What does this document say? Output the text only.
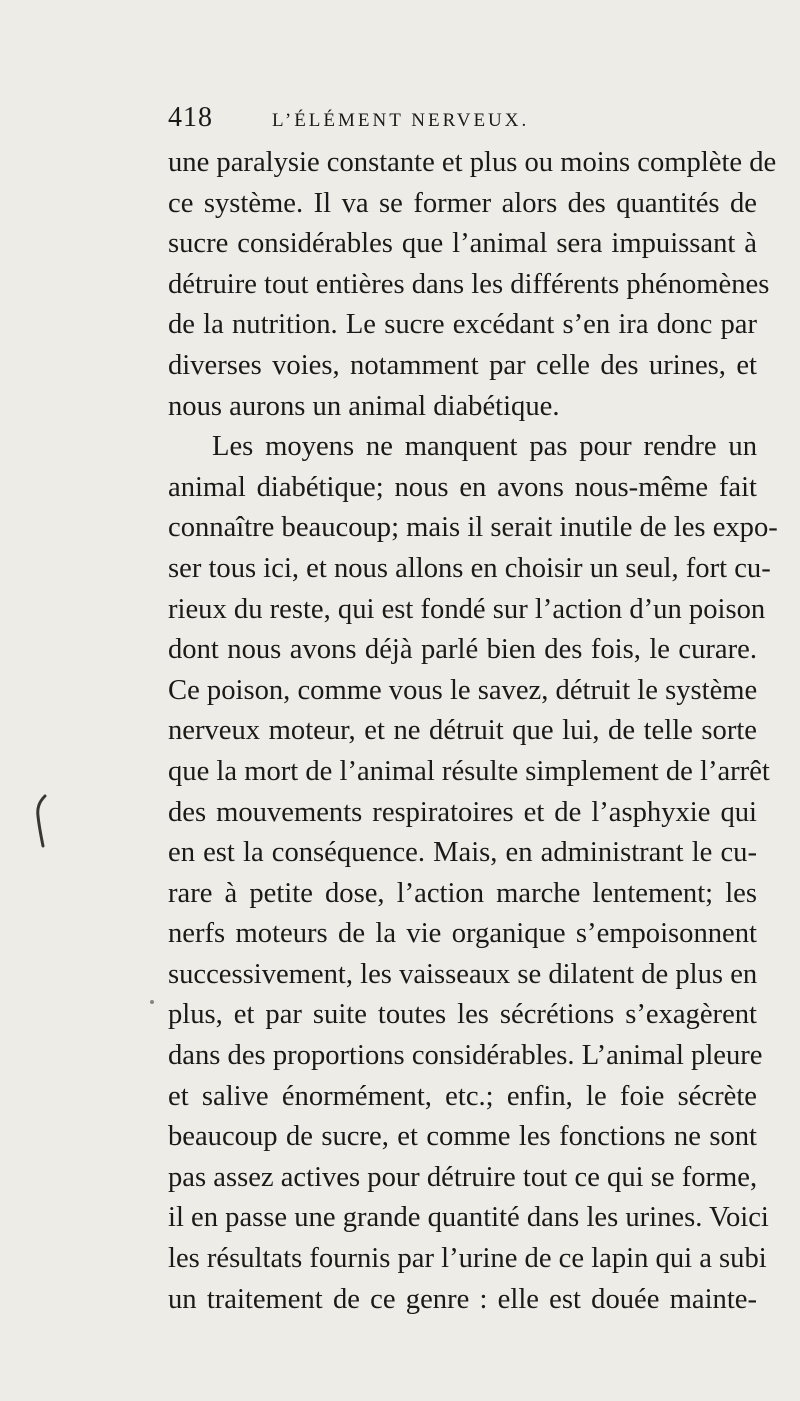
418	L’ÉLÉMENT NERVEUX.
une paralysie constante et plus ou moins complète de
ce système. Il va se former alors des quantités de
sucre considérables que l’animal sera impuissant à
détruire tout entières dans les différents phénomènes
de la nutrition. Le sucre excédant s’en ira donc par
diverses voies, notamment par celle des urines, et
nous aurons un animal diabétique.
Les moyens ne manquent pas pour rendre un
animal diabétique; nous en avons nous-même fait
connaître beaucoup; mais il serait inutile de les expo-
ser tous ici, et nous allons en choisir un seul, fort cu-
rieux du reste, qui est fondé sur l’action d’un poison
dont nous avons déjà parlé bien des fois, le curare.
Ce poison, comme vous le savez, détruit le système
nerveux moteur, et ne détruit que lui, de telle sorte
que la mort de l’animal résulte simplement de l’arrêt
des mouvements respiratoires et de l’asphyxie qui
en est la conséquence. Mais, en administrant le cu-
rare à petite dose, l’action marche lentement; les
nerfs moteurs de la vie organique s’empoisonnent
successivement, les vaisseaux se dilatent de plus en
plus, et par suite toutes les sécrétions s’exagèrent
dans des proportions considérables. L’animal pleure
et salive énormément, etc.; enfin, le foie sécrète
beaucoup de sucre, et comme les fonctions ne sont
pas assez actives pour détruire tout ce qui se forme,
il en passe une grande quantité dans les urines. Voici
les résultats fournis par l’urine de ce lapin qui a subi
un traitement de ce genre : elle est douée mainte-
